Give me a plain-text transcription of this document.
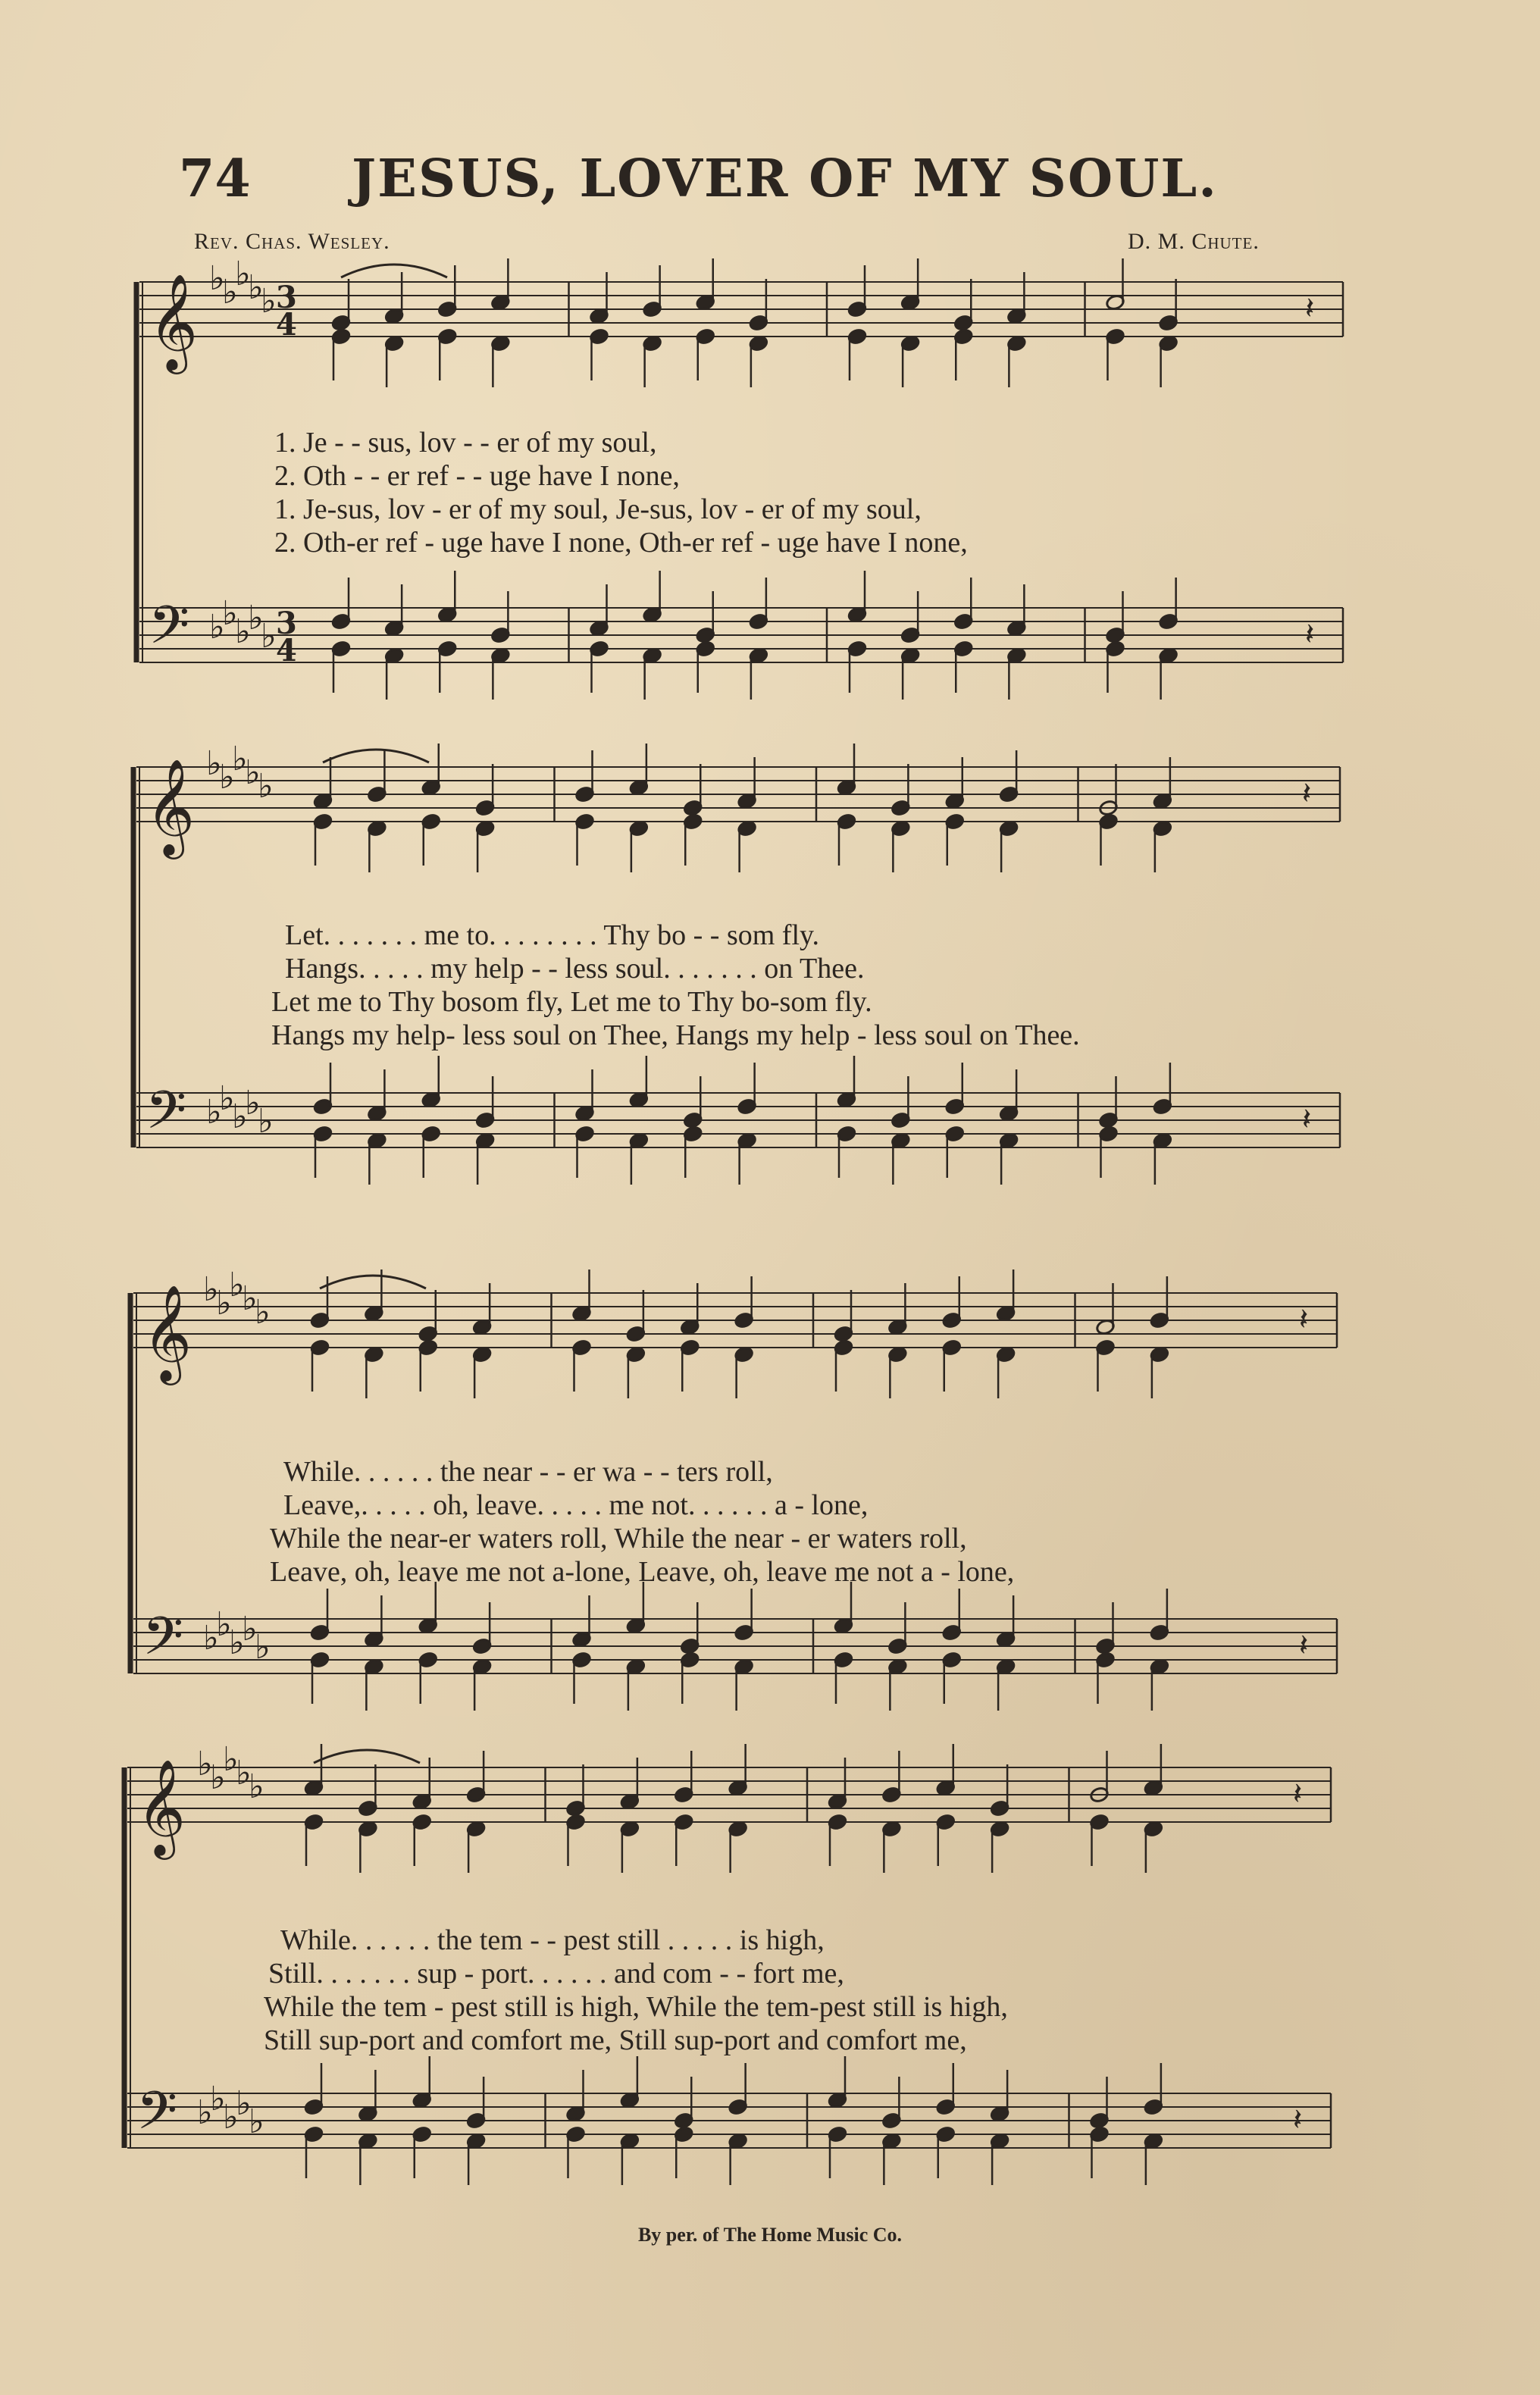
74 JESUS, LOVER OF MY SOUL.
Rev. Chas. Wesley.	D. M. Chute.
𝄞
𝄢
♭
♭
♭
♭
♭
♭
♭
♭
♭
♭
3
3
4
4
𝄽
𝄽
1. Je - - sus, lov - - er of my soul,
2. Oth - - er ref - - uge have I none,
1. Je-sus, lov - er of my soul, Je-sus, lov - er of my soul,
2. Oth-er ref - uge have I none, Oth-er ref - uge have I none,
𝄞
𝄢
♭
♭
♭
♭
♭
♭
♭
♭
♭
♭
𝄽
𝄽
Let. . . . . . . me to. . . . . . . . Thy bo - - som fly.
Hangs. . . . . my help - - less soul. . . . . . . on Thee.
Let me to Thy bosom fly, Let me to Thy bo-som fly.
Hangs my help- less soul on Thee, Hangs my help - less soul on Thee.
𝄞
𝄢
♭
♭
♭
♭
♭
♭
♭
♭
♭
♭
𝄽
𝄽
While. . . . . . the near - - er wa - - ters roll,
Leave,. . . . . oh, leave. . . . . me not. . . . . . a - lone,
While the near-er waters roll, While the near - er waters roll,
Leave, oh, leave me not a-lone, Leave, oh, leave me not a - lone,
𝄞
𝄢
♭
♭
♭
♭
♭
♭
♭
♭
♭
♭
𝄽
𝄽
While. . . . . . the tem - - pest still . . . . . is high,
Still. . . . . . . sup - port. . . . . . and com - - fort me,
While the tem - pest still is high, While the tem-pest still is high,
Still sup-port and comfort me, Still sup-port and comfort me,
By per. of The Home Music Co.
